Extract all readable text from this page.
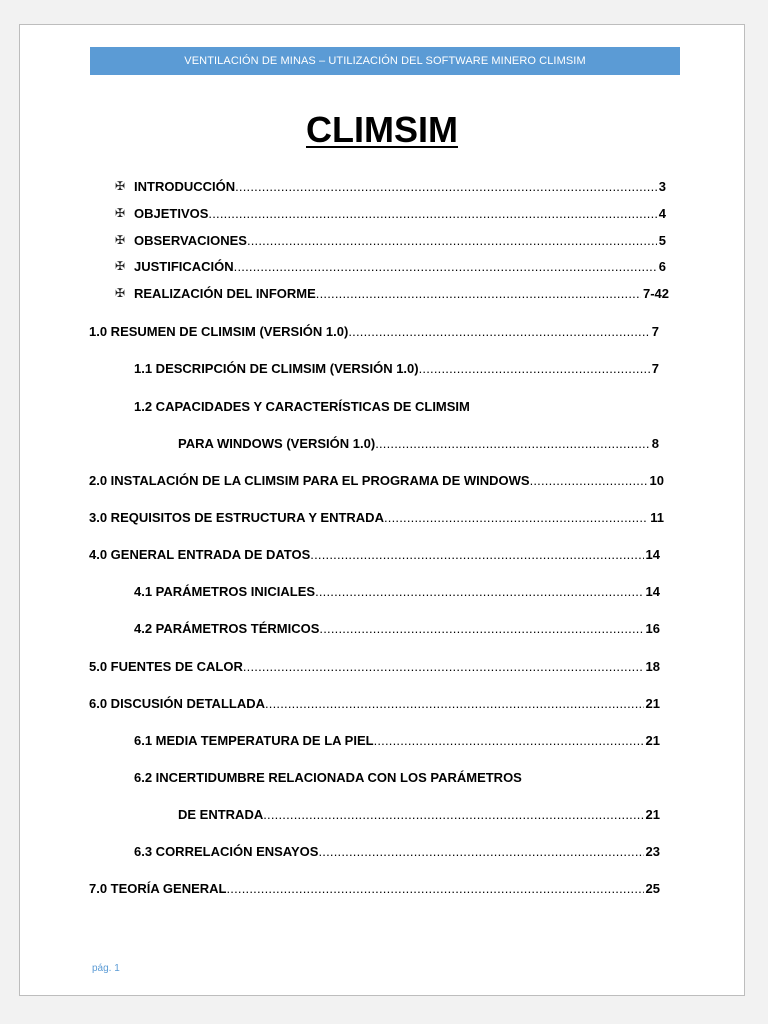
VENTILACIÓN DE MINAS – UTILIZACIÓN DEL SOFTWARE MINERO CLIMSIM
CLIMSIM
✠ INTRODUCCIÓN .....	3
✠ OBJETIVOS .....	4
✠ OBSERVACIONES .....	5
✠ JUSTIFICACIÓN .....	6
✠ REALIZACIÓN DEL INFORME .....	7-42
1.0 RESUMEN DE CLIMSIM (VERSIÓN 1.0) .....	7
1.1 DESCRIPCIÓN DE CLIMSIM (VERSIÓN 1.0) .....	7
1.2 CAPACIDADES Y CARACTERÍSTICAS DE CLIMSIM
PARA WINDOWS (VERSIÓN 1.0) .....	8
2.0 INSTALACIÓN DE LA CLIMSIM PARA EL PROGRAMA DE WINDOWS .....	10
3.0 REQUISITOS DE ESTRUCTURA Y ENTRADA .....	11
4.0 GENERAL ENTRADA DE DATOS .....	14
4.1 PARÁMETROS INICIALES .....	14
4.2 PARÁMETROS TÉRMICOS .....	16
5.0 FUENTES DE CALOR .....	18
6.0 DISCUSIÓN DETALLADA .....	21
6.1 MEDIA TEMPERATURA DE LA PIEL .....	21
6.2 INCERTIDUMBRE RELACIONADA CON LOS PARÁMETROS
DE ENTRADA .....	21
6.3 CORRELACIÓN ENSAYOS .....	23
7.0 TEORÍA GENERAL .....	25
pág. 1
